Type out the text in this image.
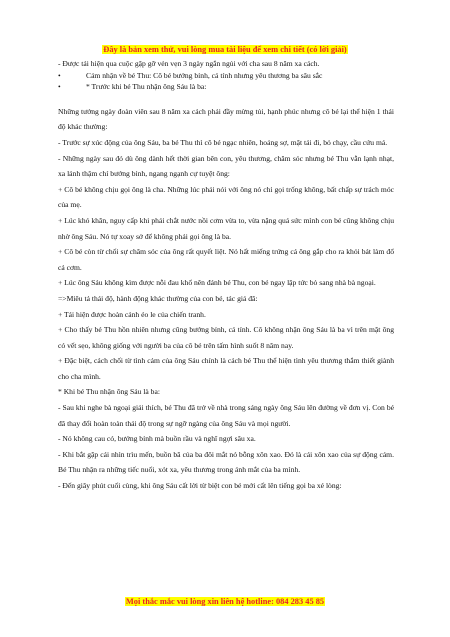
Đây là bản xem thử, vui lòng mua tài liệu để xem chi tiết (có lời giải)

- Được tái hiện qua cuộc gặp gỡ vẻn vẹn 3 ngày ngắn ngủi với cha sau 8 năm xa cách.

•	Cảm nhận về bé Thu: Cô bé bướng bỉnh, cá tính nhưng yêu thương ba sâu sắc
•	* Trước khi bé Thu nhận ông Sáu là ba:

Những tưởng ngày đoàn viên sau 8 năm xa cách phải đầy mừng tủi, hạnh phúc nhưng cô bé lại thể hiện 1 thái độ khác thường:

- Trước sự xúc động của ông Sáu, ba bé Thu thì cô bé ngạc nhiên, hoảng sợ, mặt tái đi, bỏ chạy, cầu cứu má.

- Những ngày sau đó dù ông dành hết thời gian bên con, yêu thương, chăm sóc nhưng bé Thu vẫn lạnh nhạt, xa lánh thậm chí bướng bỉnh, ngang ngạnh cự tuyệt ông:

+ Cô bé không chịu gọi ông là cha. Những lúc phải nói với ông nó chỉ gọi trống không, bất chấp sự trách móc của mẹ.

+ Lúc khó khăn, nguy cấp khi phải chắt nước nồi cơm vừa to, vừa nặng quá sức mình con bé cũng không chịu nhờ ông Sáu. Nó tự xoay sở để không phải gọi ông là ba.

+ Cô bé còn từ chối sự chăm sóc của ông rất quyết liệt. Nó hất miếng trứng cá ông gắp cho ra khỏi bát làm đổ cả cơm.

+ Lúc ông Sáu không kìm được nỗi đau khổ nên đánh bé Thu, con bé ngay lập tức bỏ sang nhà bà ngoại.

=>Miêu tả thái độ, hành động khác thường của con bé, tác giả đã:

+ Tái hiện được hoàn cảnh éo le của chiến tranh.

+ Cho thấy bé Thu hồn nhiên nhưng cũng bướng bỉnh, cá tính. Cô không nhận ông Sáu là ba vì trên mặt ông có vết sẹo, không giống với người ba của cô bé trên tấm hình suốt 8 năm nay.

+ Đặc biệt, cách chối từ tình cảm của ông Sáu chính là cách bé Thu thể hiện tình yêu thương thắm thiết giành cho cha mình.

* Khi bé Thu nhận ông Sáu là ba:

- Sau khi nghe bà ngoại giải thích, bé Thu đã trở về nhà trong sáng ngày ông Sáu lên đường về đơn vị. Con bé đã thay đổi hoàn toàn thái độ trong sự ngỡ ngàng của ông Sáu và mọi người.

- Nó không cau có, bướng bỉnh mà buồn rầu và nghĩ ngợi sâu xa.

- Khi bắt gặp cái nhìn trìu mến, buồn bã của ba đôi mắt nó bỗng xôn xao. Đó là cái xôn xao của sự động cảm. Bé Thu nhận ra những tiếc nuối, xót xa, yêu thương trong ánh mắt của ba mình.

- Đến giây phút cuối cùng, khi ông Sáu cất lời từ biệt con bé mới cất lên tiếng gọi ba xé lòng:

Mọi thắc mắc vui lòng xin liên hệ hotline: 084 283 45 85
